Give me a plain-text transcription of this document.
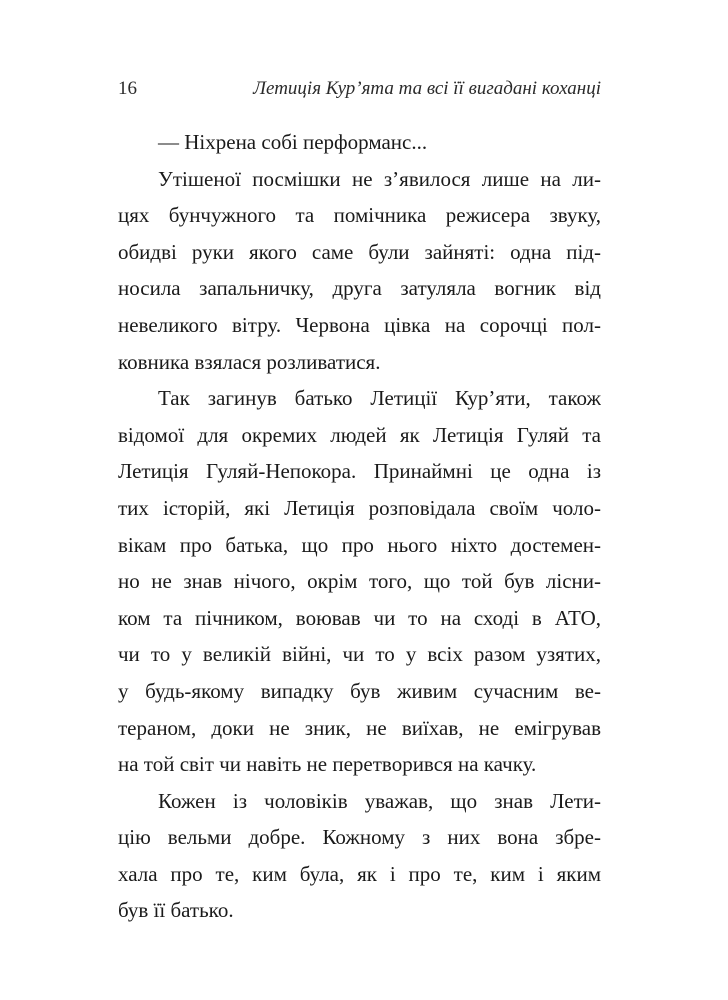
16	Летиція Кур’ята та всі її вигадані коханці
— Ніхрена собі перформанс...
Утішеної посмішки не з’явилося лише на ли-
цях бунчужного та помічника режисера звуку,
обидві руки якого саме були зайняті: одна під-
носила запальничку, друга затуляла вогник від
невеликого вітру. Червона цівка на сорочці пол-
ковника взялася розливатися.
Так загинув батько Летиції Кур’яти, також
відомої для окремих людей як Летиція Гуляй та
Летиція Гуляй-Непокора. Принаймні це одна із
тих історій, які Летиція розповідала своїм чоло-
вікам про батька, що про нього ніхто достемен-
но не знав нічого, окрім того, що той був лісни-
ком та пічником, воював чи то на сході в АТО,
чи то у великій війні, чи то у всіх разом узятих,
у будь-якому випадку був живим сучасним ве-
тераном, доки не зник, не виїхав, не емігрував
на той світ чи навіть не перетворився на качку.
Кожен із чоловіків уважав, що знав Лети-
цію вельми добре. Кожному з них вона збре-
хала про те, ким була, як і про те, ким і яким
був її батько.
